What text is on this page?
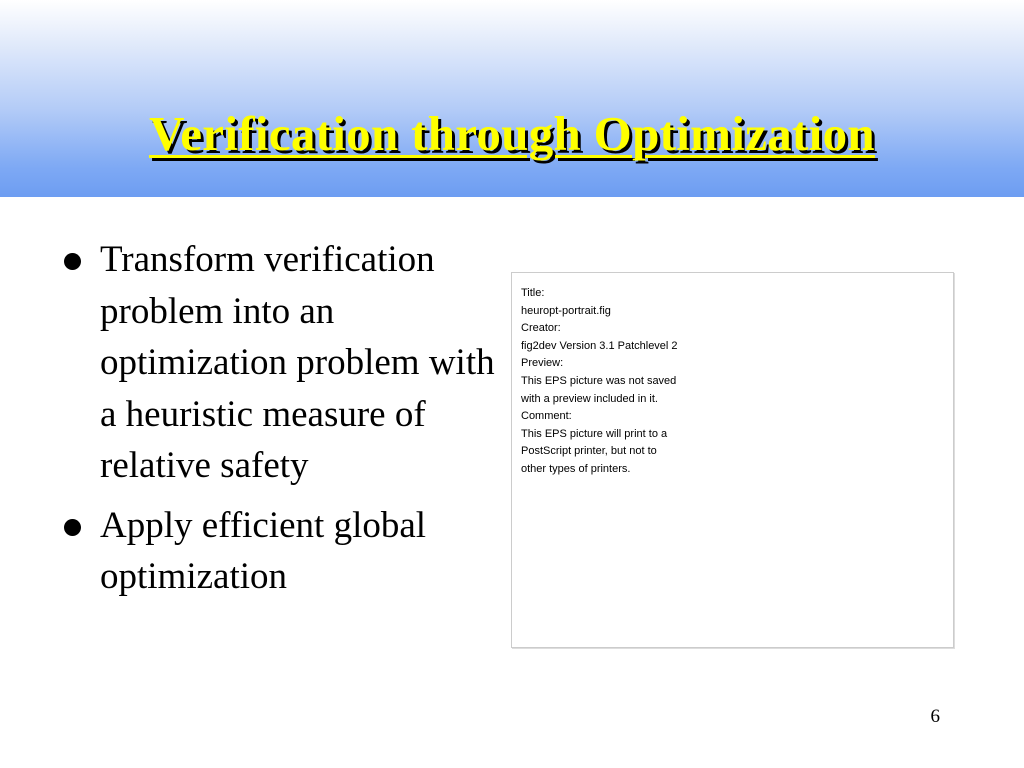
Verification through Optimization
Transform verification problem into an optimization problem with a heuristic measure of relative safety
Apply efficient global optimization
Title:
heuropt-portrait.fig
Creator:
fig2dev Version 3.1 Patchlevel 2
Preview:
This EPS picture was not saved
with a preview included in it.
Comment:
This EPS picture will print to a
PostScript printer, but not to
other types of printers.
6
